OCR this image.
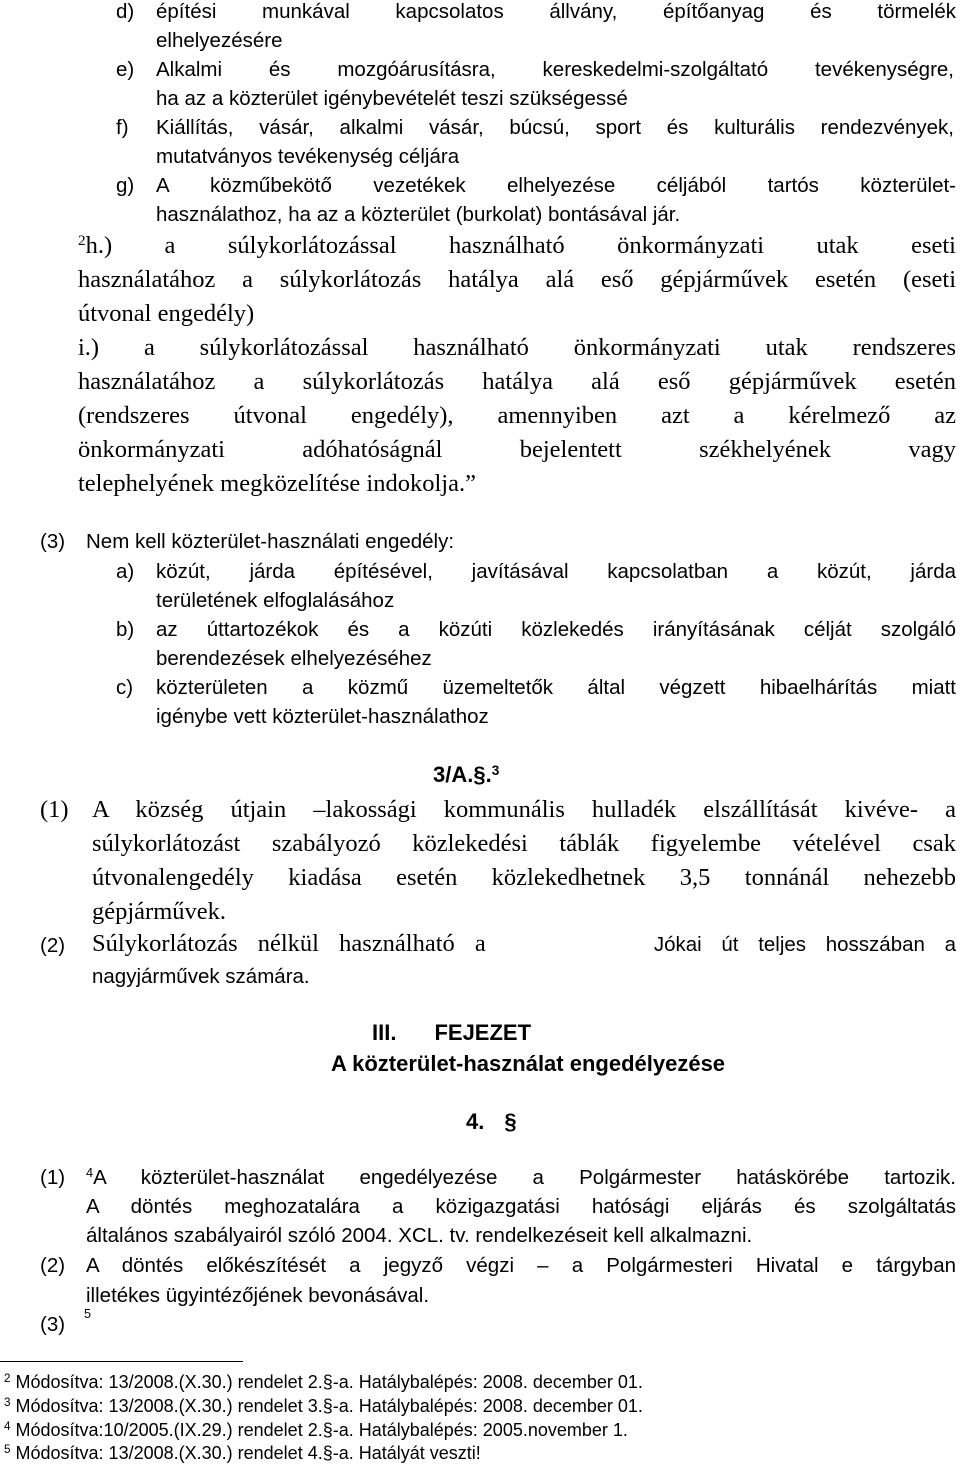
d) építési munkával kapcsolatos állvány, építőanyag és törmelék
elhelyezésére
e) Alkalmi és mozgóárusításra, kereskedelmi-szolgáltató tevékenységre,
ha az a közterület igénybevételét teszi szükségessé
f) Kiállítás, vásár, alkalmi vásár, búcsú, sport és kulturális rendezvények,
mutatványos tevékenység céljára
g) A közműbekötő vezetékek elhelyezése céljából tartós közterület-
használathoz, ha az a közterület (burkolat) bontásával jár.
$^2$ h.) a súlykorlátozással használható önkormányzati utak eseti
használatához a súlykorlátozás hatálya alá eső gépjárművek esetén (eseti
útvonal engedély)
i.) a súlykorlátozással használható önkormányzati utak rendszeres
használatához a súlykorlátozás hatálya alá eső gépjárművek esetén
(rendszeres útvonal engedély), amennyiben azt a kérelmező az
önkormányzati adóhatóságnál bejelentett székhelyének vagy
telephelyének megközelítése indokolja.”
(3) Nem kell közterület-használati engedély:
a) közút, járda építésével, javításával kapcsolatban a közút, járda
területének elfoglalásához
b) az úttartozékok és a közúti közlekedés irányításának célját szolgáló
berendezések elhelyezéséhez
c) közterületen a közmű üzemeltetők által végzett hibaelhárítás miatt
igénybe vett közterület-használathoz
3/A.§.$^3$
(1) A község útjain –lakossági kommunális hulladék elszállítását kivéve- a
súlykorlátozást szabályozó közlekedési táblák figyelembe vételével csak
útvonalengedély kiadása esetén közlekedhetnek 3,5 tonnánál nehezebb
gépjárművek.
(2) Súlykorlátozás nélkül használható a	Jókai út teljes hosszában a
nagyjárművek számára.
III. FEJEZET
A közterület-használat engedélyezése
4. §
(1) $^4$ A közterület-használat engedélyezése a Polgármester hatáskörébe tartozik.
A döntés meghozatalára a közigazgatási hatósági eljárás és szolgáltatás
általános szabályairól szóló 2004. XCL. tv. rendelkezéseit kell alkalmazni.
(2) A döntés előkészítését a jegyző végzi – a Polgármesteri Hivatal e tárgyban
illetékes ügyintézőjének bevonásával.
(3) $^5$
$^2$ Módosítva: 13/2008.(X.30.) rendelet 2.§-a. Hatálybalépés: 2008. december 01.
$^3$ Módosítva: 13/2008.(X.30.) rendelet 3.§-a. Hatálybalépés: 2008. december 01.
$^4$ Módosítva:10/2005.(IX.29.) rendelet 2.§-a. Hatálybalépés: 2005.november 1.
$^5$ Módosítva: 13/2008.(X.30.) rendelet 4.§-a. Hatályát veszti!
